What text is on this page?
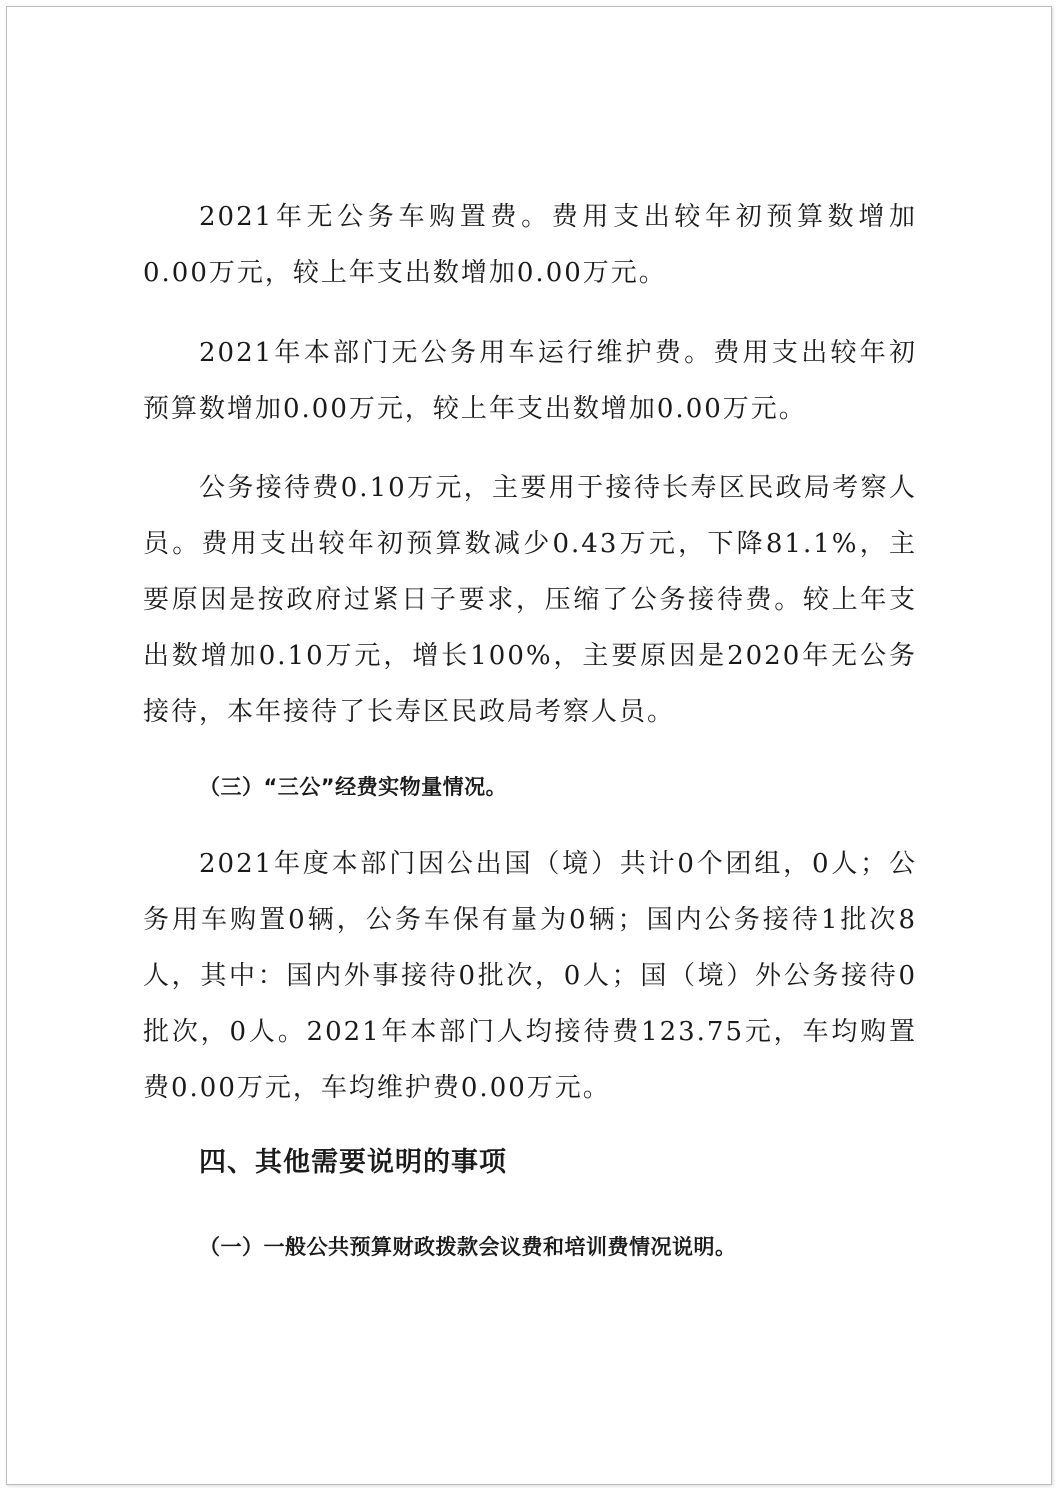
2021年无公务车购置费。费用支出较年初预算数增加0.00万元，较上年支出数增加0.00万元。

2021年本部门无公务用车运行维护费。费用支出较年初预算数增加0.00万元，较上年支出数增加0.00万元。

公务接待费0.10万元，主要用于接待长寿区民政局考察人员。费用支出较年初预算数减少0.43万元，下降81.1%，主要原因是按政府过紧日子要求，压缩了公务接待费。较上年支出数增加0.10万元，增长100%，主要原因是2020年无公务接待，本年接待了长寿区民政局考察人员。

（三）“三公”经费实物量情况。

2021年度本部门因公出国（境）共计0个团组，0人；公务用车购置0辆，公务车保有量为0辆；国内公务接待1批次8人，其中：国内外事接待0批次，0人；国（境）外公务接待0批次，0人。2021年本部门人均接待费123.75元，车均购置费0.00万元，车均维护费0.00万元。

四、其他需要说明的事项
（一）一般公共预算财政拨款会议费和培训费情况说明。
